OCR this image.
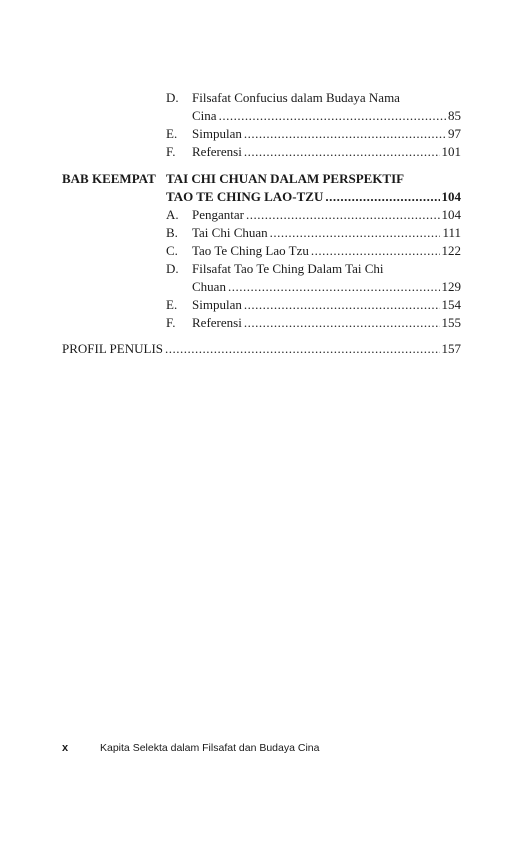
D. Filsafat Confucius dalam Budaya Nama
Cina .....	85
E. Simpulan .....	97
F. Referensi .....	101
BAB KEEMPAT TAI CHI CHUAN DALAM PERSPEKTIF
TAO TE CHING LAO-TZU .....	104
A. Pengantar .....	104
B. Tai Chi Chuan .....	111
C. Tao Te Ching Lao Tzu .....	122
D. Filsafat Tao Te Ching Dalam Tai Chi
Chuan .....	129
E. Simpulan .....	154
F. Referensi .....	155
PROFIL PENULIS .....	157
x	Kapita Selekta dalam Filsafat dan Budaya Cina
